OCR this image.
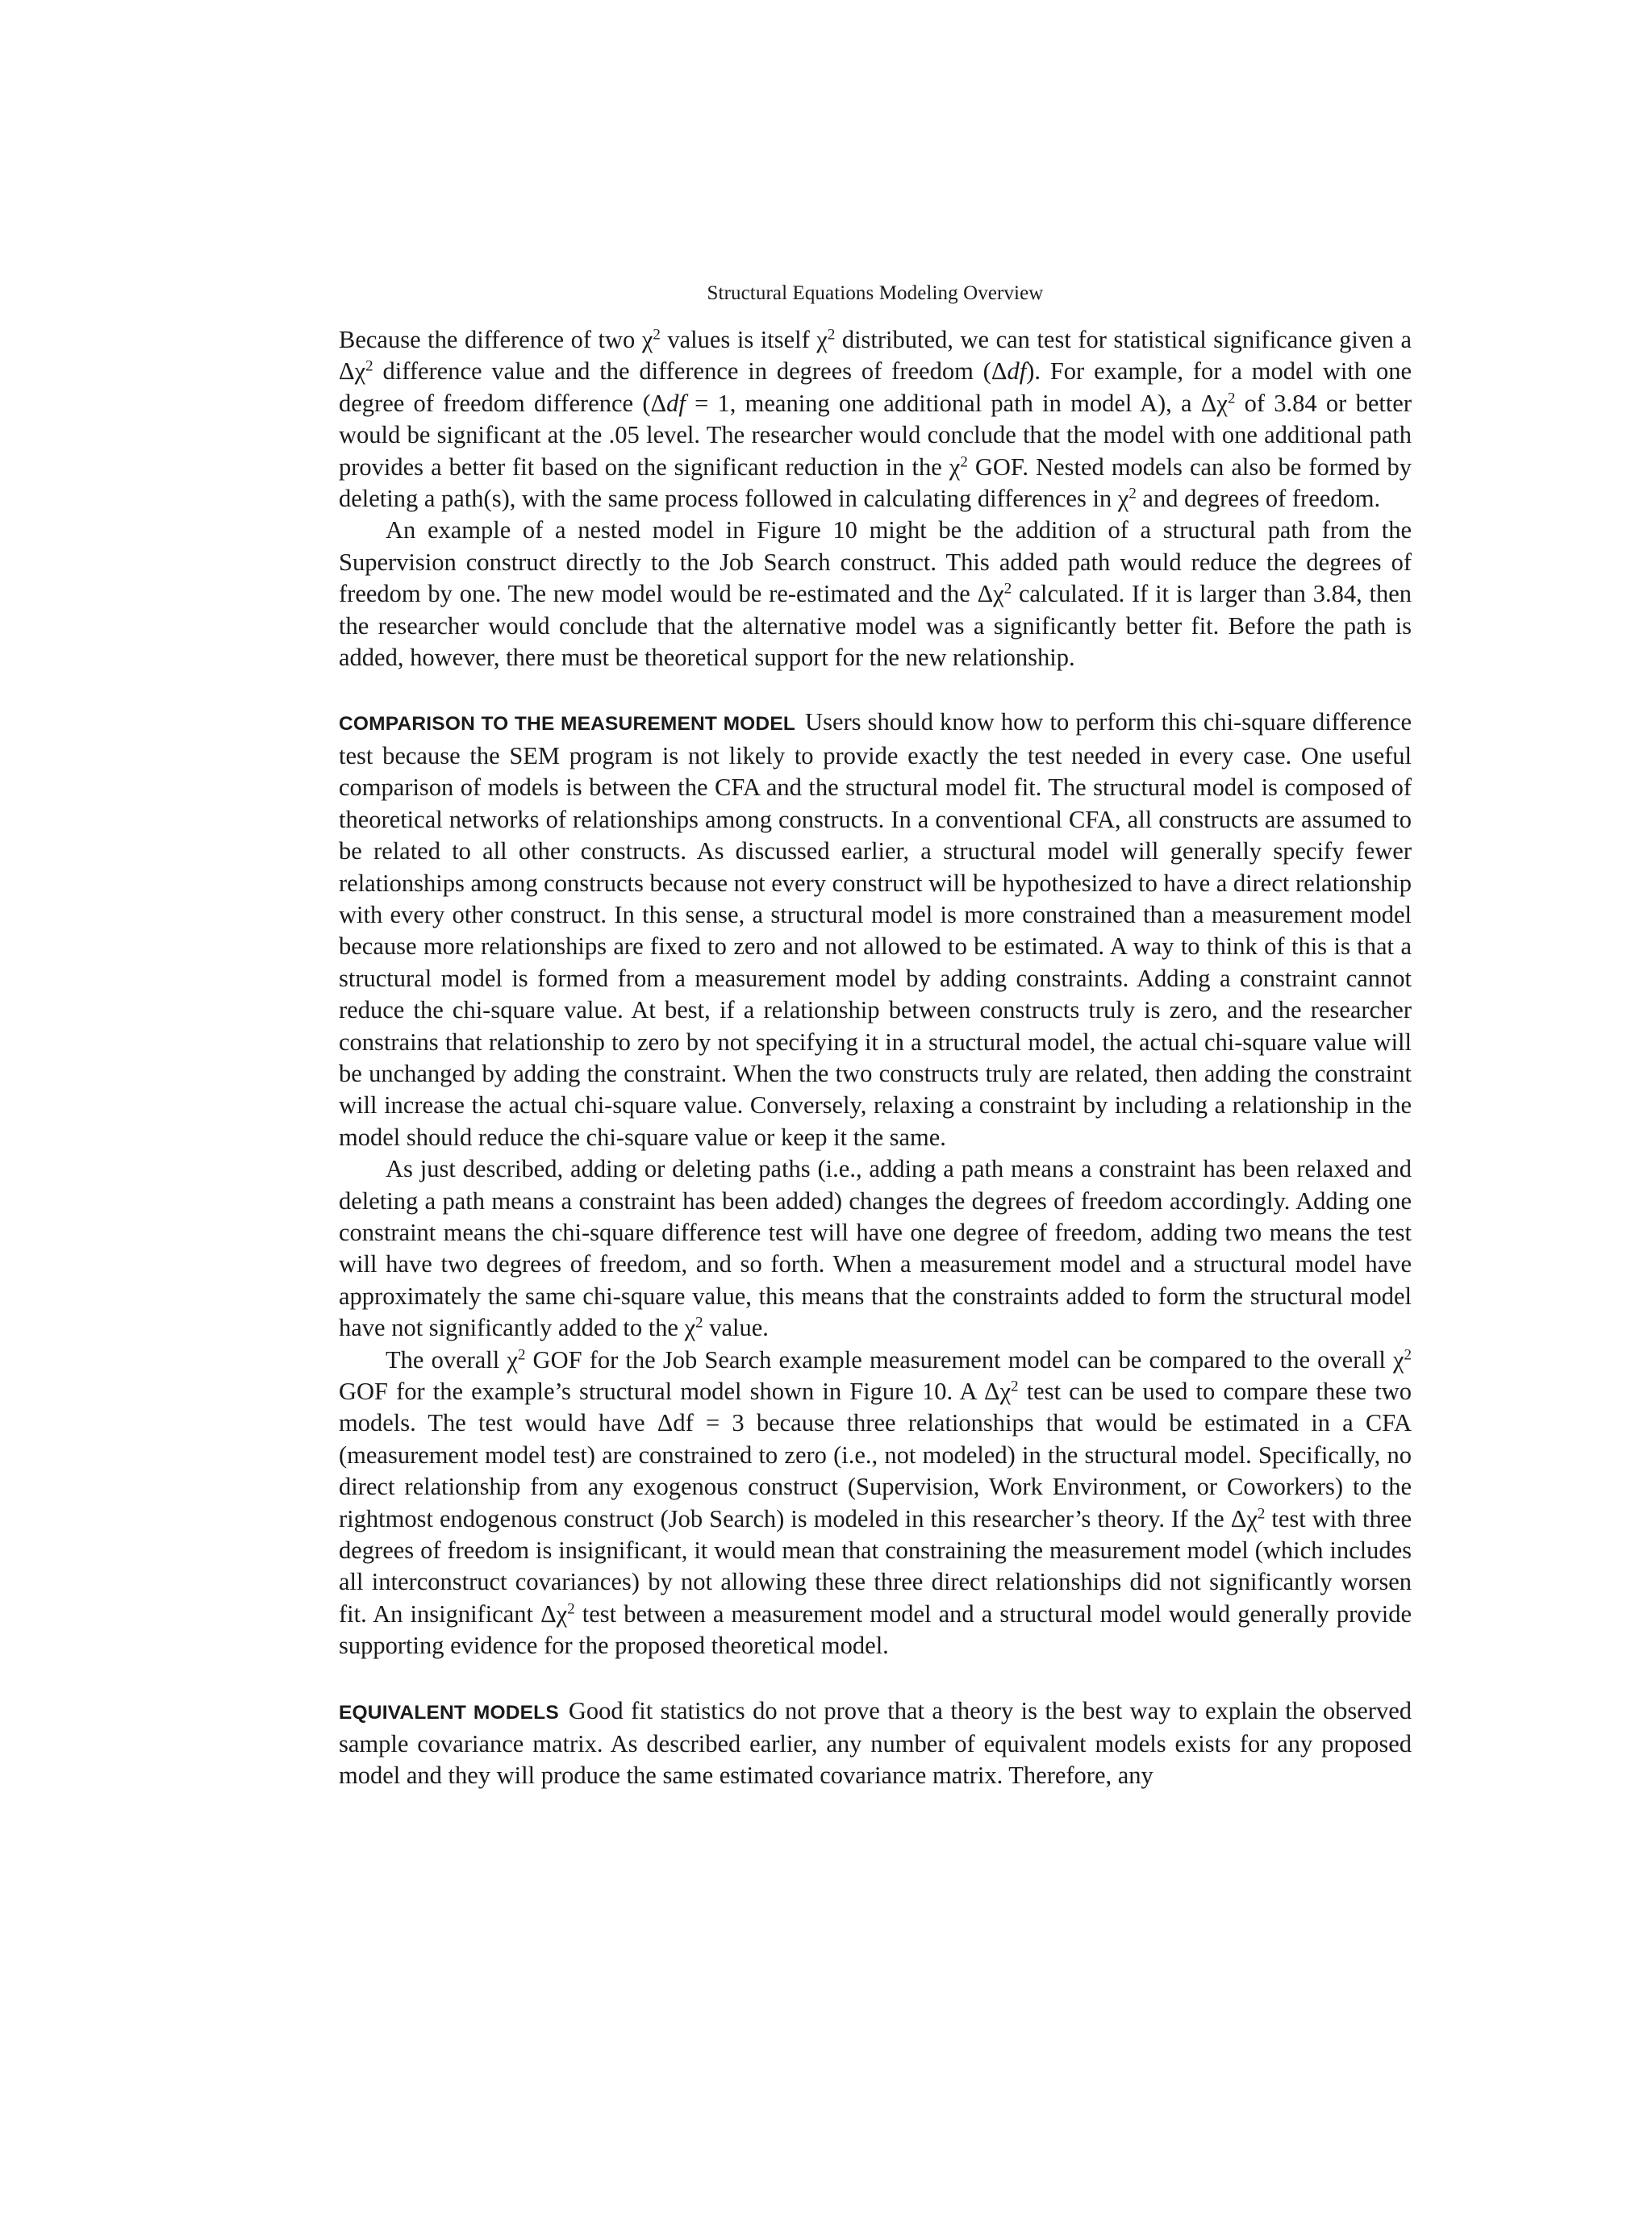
Structural Equations Modeling Overview

Because the difference of two $\chi^2$ values is itself $\chi^2$ distributed, we can test for statistical significance given a $\Delta\chi^2$ difference value and the difference in degrees of freedom (Δdf). For example, for a model with one degree of freedom difference (Δdf = 1, meaning one additional path in model A), a $\Delta\chi^2$ of 3.84 or better would be significant at the .05 level. The researcher would conclude that the model with one additional path provides a better fit based on the significant reduction in the $\chi^2$ GOF. Nested models can also be formed by deleting a path(s), with the same process followed in calculating differences in $\chi^2$ and degrees of freedom.

An example of a nested model in Figure 10 might be the addition of a structural path from the Supervision construct directly to the Job Search construct. This added path would reduce the degrees of freedom by one. The new model would be re-estimated and the $\Delta\chi^2$ calculated. If it is larger than 3.84, then the researcher would conclude that the alternative model was a significantly better fit. Before the path is added, however, there must be theoretical support for the new relationship.

COMPARISON TO THE MEASUREMENT MODEL Users should know how to perform this chi-square difference test because the SEM program is not likely to provide exactly the test needed in every case. One useful comparison of models is between the CFA and the structural model fit. The structural model is composed of theoretical networks of relationships among constructs. In a conventional CFA, all constructs are assumed to be related to all other constructs. As discussed earlier, a structural model will generally specify fewer relationships among constructs because not every construct will be hypothesized to have a direct relationship with every other construct. In this sense, a structural model is more constrained than a measurement model because more relationships are fixed to zero and not allowed to be estimated. A way to think of this is that a structural model is formed from a measurement model by adding constraints. Adding a constraint cannot reduce the chi-square value. At best, if a relationship between constructs truly is zero, and the researcher constrains that relationship to zero by not specifying it in a structural model, the actual chi-square value will be unchanged by adding the constraint. When the two constructs truly are related, then adding the constraint will increase the actual chi-square value. Conversely, relaxing a constraint by including a relationship in the model should reduce the chi-square value or keep it the same.

As just described, adding or deleting paths (i.e., adding a path means a constraint has been relaxed and deleting a path means a constraint has been added) changes the degrees of freedom accordingly. Adding one constraint means the chi-square difference test will have one degree of freedom, adding two means the test will have two degrees of freedom, and so forth. When a measurement model and a structural model have approximately the same chi-square value, this means that the constraints added to form the structural model have not significantly added to the $\chi^2$ value.

The overall $\chi^2$ GOF for the Job Search example measurement model can be compared to the overall $\chi^2$ GOF for the example’s structural model shown in Figure 10. A $\Delta\chi^2$ test can be used to compare these two models. The test would have Δdf = 3 because three relationships that would be estimated in a CFA (measurement model test) are constrained to zero (i.e., not modeled) in the structural model. Specifically, no direct relationship from any exogenous construct (Supervision, Work Environment, or Coworkers) to the rightmost endogenous construct (Job Search) is modeled in this researcher’s theory. If the $\Delta\chi^2$ test with three degrees of freedom is insignificant, it would mean that constraining the measurement model (which includes all interconstruct covariances) by not allowing these three direct relationships did not significantly worsen fit. An insignificant $\Delta\chi^2$ test between a measurement model and a structural model would generally provide supporting evidence for the proposed theoretical model.

EQUIVALENT MODELS Good fit statistics do not prove that a theory is the best way to explain the observed sample covariance matrix. As described earlier, any number of equivalent models exists for any proposed model and they will produce the same estimated covariance matrix. Therefore, any
